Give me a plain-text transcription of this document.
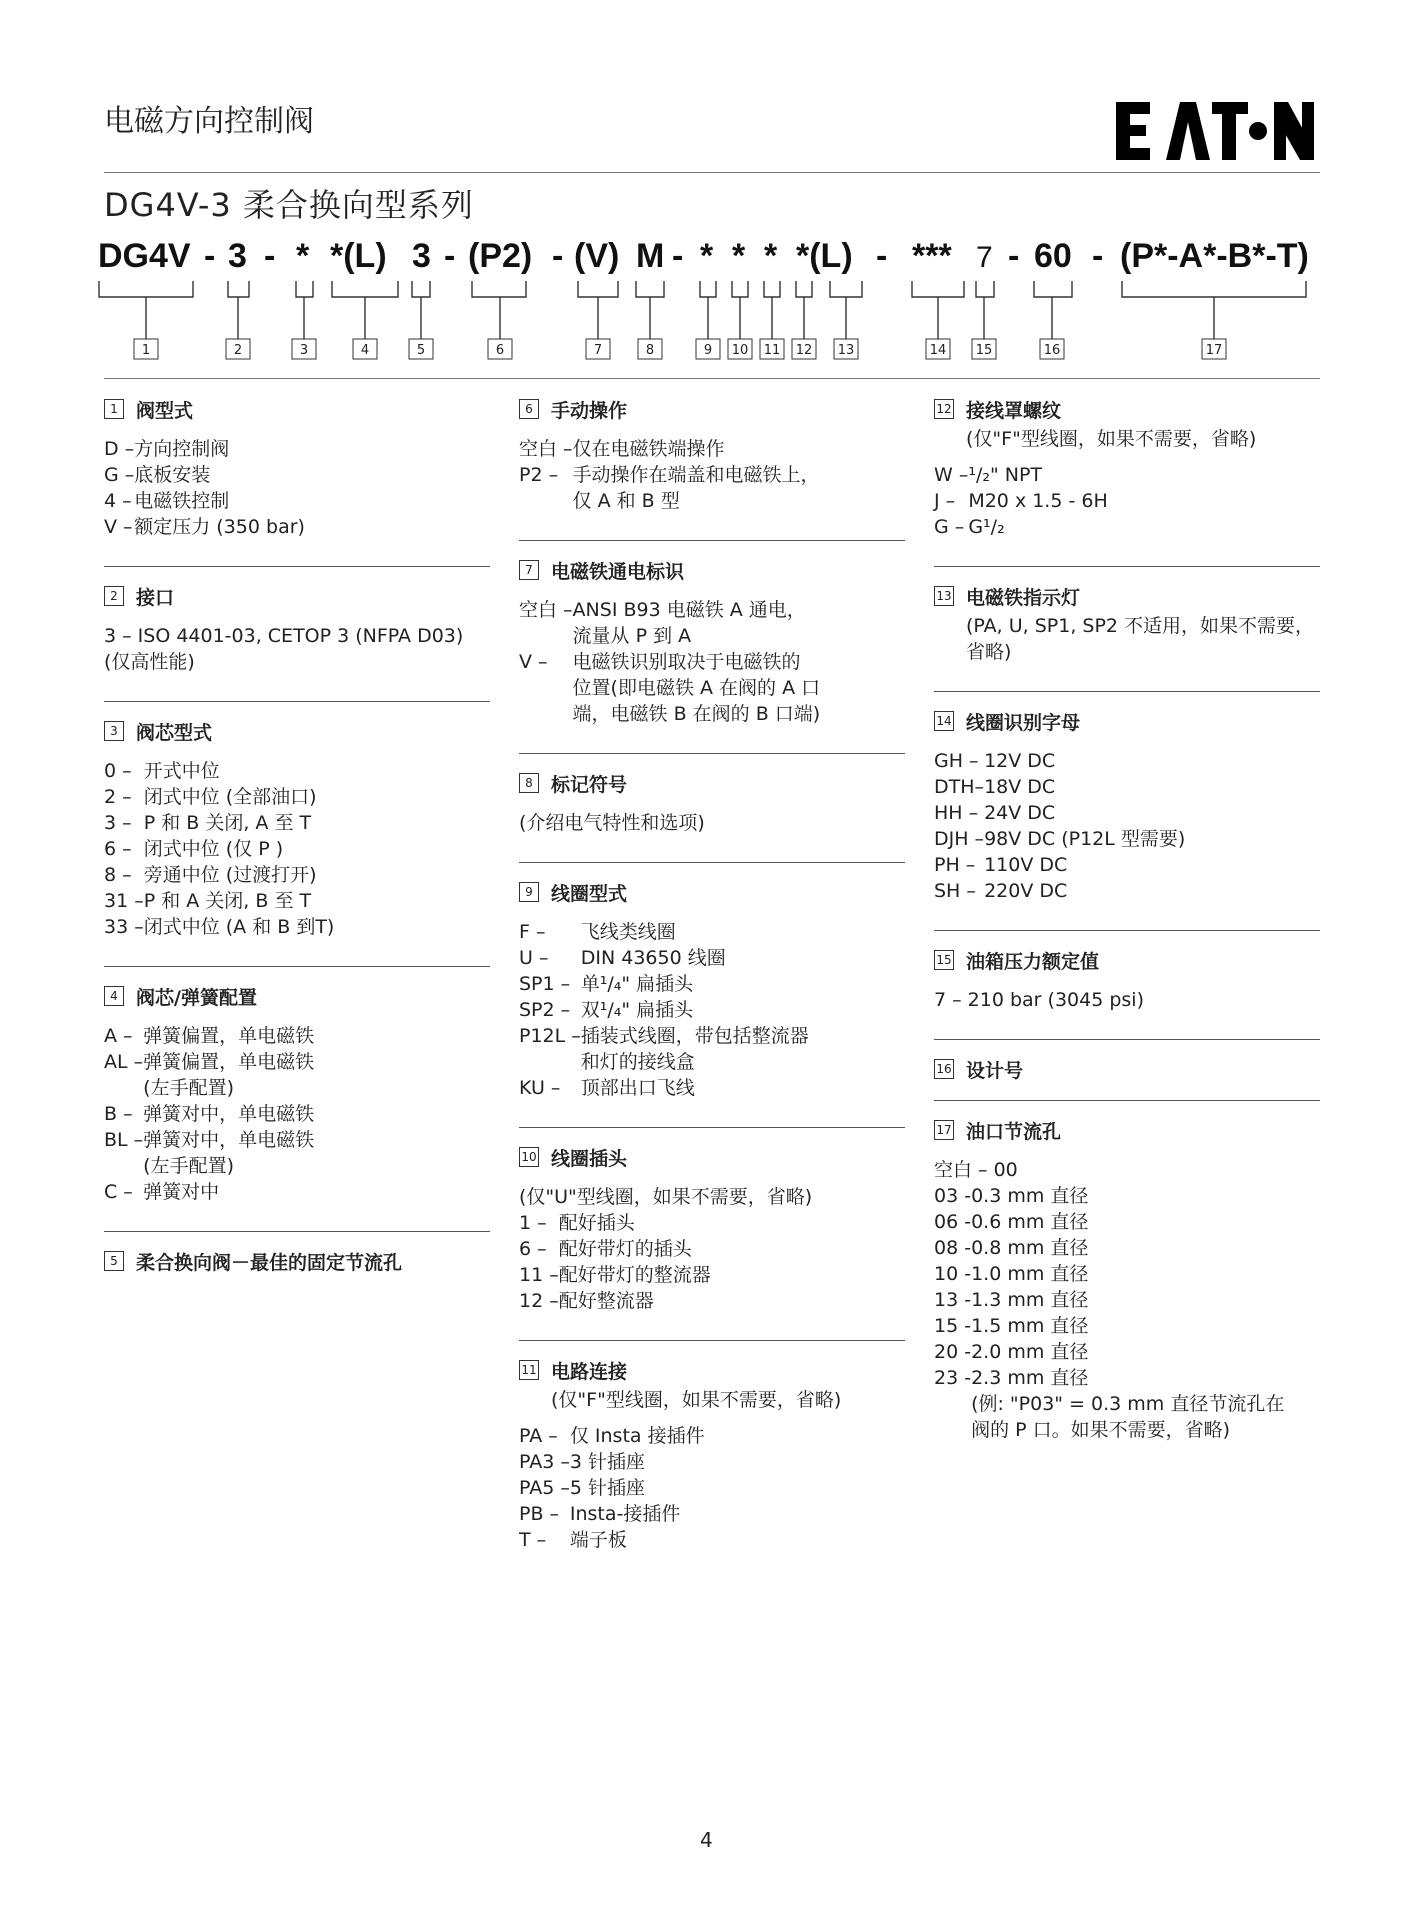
电磁方向控制阀
DG4V-3 柔合换向型系列
DG4V - 3 - * *(L) 3 - (P2) - (V) M - * * * *(L) - *** 7 - 60 - (P*-A*-B*-T)
1	2	3	4	5	6	7	8	9 10 11 12 13	14 15	16	17
1 阀型式
D – 方向控制阀
G – 底板安装
4 – 电磁铁控制
V – 额定压力 (350 bar)
2 接口
3 – ISO 4401-03, CETOP 3 (NFPA D03)
(仅高性能)
3 阀芯型式
0 – 开式中位
2 – 闭式中位 (全部油口)
3 – P 和 B 关闭, A 至 T
6 – 闭式中位 (仅 P )
8 – 旁通中位 (过渡打开)
31 – P 和 A 关闭, B 至 T
33 – 闭式中位 (A 和 B 到T)
4 阀芯/弹簧配置
A – 弹簧偏置，单电磁铁
AL – 弹簧偏置，单电磁铁
(左手配置)
B – 弹簧对中，单电磁铁
BL – 弹簧对中，单电磁铁
(左手配置)
C – 弹簧对中
5 柔合换向阀－最佳的固定节流孔
6 手动操作
空白 – 仅在电磁铁端操作
P2 – 手动操作在端盖和电磁铁上，
仅 A 和 B 型
7 电磁铁通电标识
空白 – ANSI B93 电磁铁 A 通电，
流量从 P 到 A
V –	电磁铁识别取决于电磁铁的
位置(即电磁铁 A 在阀的 A 口
端，电磁铁 B 在阀的 B 口端)
8 标记符号
(介绍电气特性和选项)
9 线圈型式
F –	飞线类线圈
U –	DIN 43650 线圈
SP1 – 单¹/₄" 扁插头
SP2 – 双¹/₄" 扁插头
P12L – 插装式线圈，带包括整流器
和灯的接线盒
KU –	顶部出口飞线
10 线圈插头
(仅"U"型线圈，如果不需要，省略)
1 – 配好插头
6 – 配好带灯的插头
11 – 配好带灯的整流器
12 – 配好整流器
11 电路连接
(仅"F"型线圈，如果不需要，省略)
PA – 仅 Insta 接插件
PA3 – 3 针插座
PA5 – 5 针插座
PB – Insta-接插件
T –	端子板
12 接线罩螺纹
(仅"F"型线圈，如果不需要，省略)
W – ¹/₂" NPT
J – M20 x 1.5 - 6H
G – G¹/₂
13 电磁铁指示灯
(PA, U, SP1, SP2 不适用，如果不需要，省略)
14 线圈识别字母
GH – 12V DC
DTH– 18V DC
HH – 24V DC
DJH – 98V DC (P12L 型需要)
PH – 110V DC
SH – 220V DC
15 油箱压力额定值
7 – 210 bar (3045 psi)
16 设计号
17 油口节流孔
空白 – 00
03 - 0.3 mm 直径
06 - 0.6 mm 直径
08 - 0.8 mm 直径
10 - 1.0 mm 直径
13 - 1.3 mm 直径
15 - 1.5 mm 直径
20 - 2.0 mm 直径
23 - 2.3 mm 直径
(例: "P03" = 0.3 mm 直径节流孔在
阀的 P 口。如果不需要，省略)
4
